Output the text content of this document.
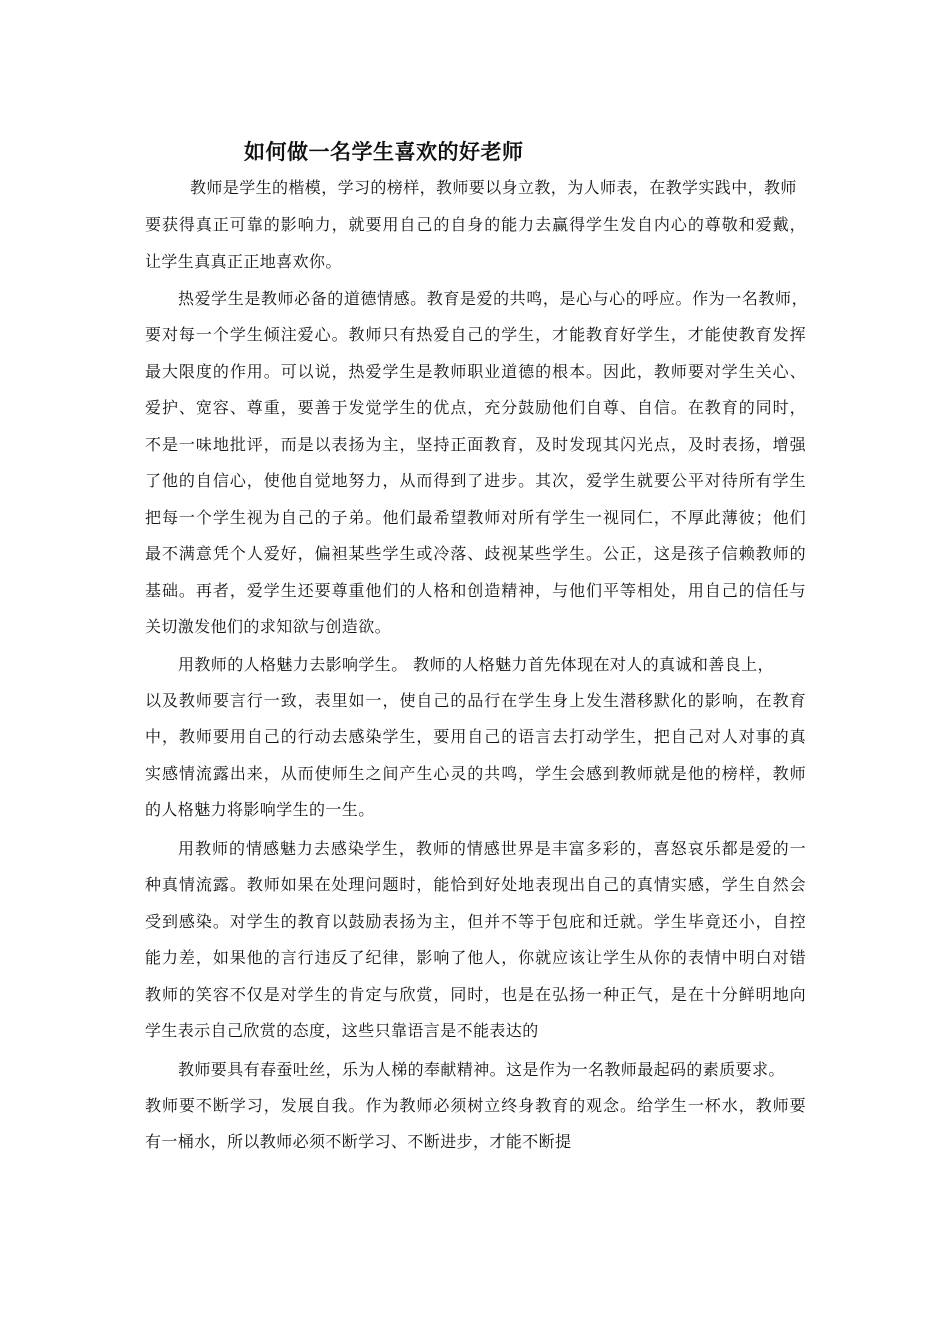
如何做一名学生喜欢的好老师

教师是学生的楷模，学习的榜样，教师要以身立教，为人师表，在教学实践中，教师

要获得真正可靠的影响力，就要用自己的自身的能力去赢得学生发自内心的尊敬和爱戴，

让学生真真正正地喜欢你。

热爱学生是教师必备的道德情感。教育是爱的共鸣，是心与心的呼应。作为一名教师，

要对每一个学生倾注爱心。教师只有热爱自己的学生，才能教育好学生，才能使教育发挥

最大限度的作用。可以说，热爱学生是教师职业道德的根本。因此，教师要对学生关心、

爱护、宽容、尊重，要善于发觉学生的优点，充分鼓励他们自尊、自信。在教育的同时，

不是一味地批评，而是以表扬为主，坚持正面教育，及时发现其闪光点，及时表扬，增强

了他的自信心，使他自觉地努力，从而得到了进步。其次，爱学生就要公平对待所有学生

把每一个学生视为自己的子弟。他们最希望教师对所有学生一视同仁，不厚此薄彼；他们

最不满意凭个人爱好，偏袒某些学生或冷落、歧视某些学生。公正，这是孩子信赖教师的

基础。再者，爱学生还要尊重他们的人格和创造精神，与他们平等相处，用自己的信任与

关切激发他们的求知欲与创造欲。

用教师的人格魅力去影响学生。 教师的人格魅力首先体现在对人的真诚和善良上，

以及教师要言行一致，表里如一，使自己的品行在学生身上发生潜移默化的影响，在教育

中，教师要用自己的行动去感染学生，要用自己的语言去打动学生，把自己对人对事的真

实感情流露出来，从而使师生之间产生心灵的共鸣，学生会感到教师就是他的榜样，教师

的人格魅力将影响学生的一生。

用教师的情感魅力去感染学生，教师的情感世界是丰富多彩的，喜怒哀乐都是爱的一

种真情流露。教师如果在处理问题时，能恰到好处地表现出自己的真情实感，学生自然会

受到感染。对学生的教育以鼓励表扬为主，但并不等于包庇和迁就。学生毕竟还小，自控

能力差，如果他的言行违反了纪律，影响了他人，你就应该让学生从你的表情中明白对错

教师的笑容不仅是对学生的肯定与欣赏，同时，也是在弘扬一种正气，是在十分鲜明地向

学生表示自己欣赏的态度，这些只靠语言是不能表达的

教师要具有春蚕吐丝，乐为人梯的奉献精神。这是作为一名教师最起码的素质要求。

教师要不断学习，发展自我。作为教师必须树立终身教育的观念。给学生一杯水，教师要

有一桶水，所以教师必须不断学习、不断进步，才能不断提
